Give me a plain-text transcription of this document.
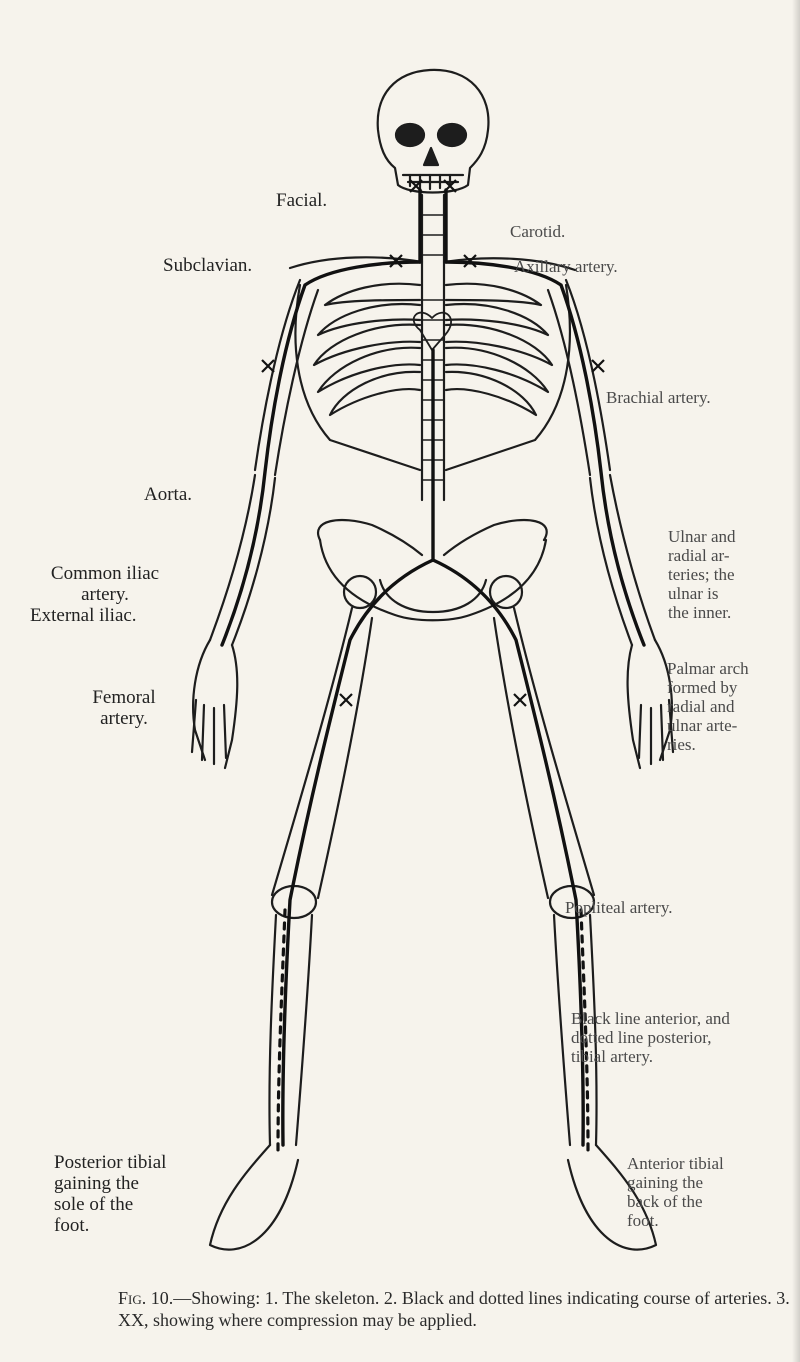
Facial.
Carotid.
Subclavian.	Axillary artery.
Brachial artery.
Aorta.
Common iliac
artery.
External iliac.
Femoral
artery.
Ulnar and
radial ar-
teries; the
ulnar is
the inner.
Palmar arch
formed by
radial and
ulnar arte-
ries.
Popliteal artery.
Black line anterior, and
dotted line posterior,
tibial artery.
Posterior tibial
gaining the
sole of the
foot.
Anterior tibial
gaining the
back of the
foot.
Fig. 10.—Showing: 1. The skeleton. 2. Black and dotted lines indicating course of arteries. 3. XX, showing where compression may be applied.
